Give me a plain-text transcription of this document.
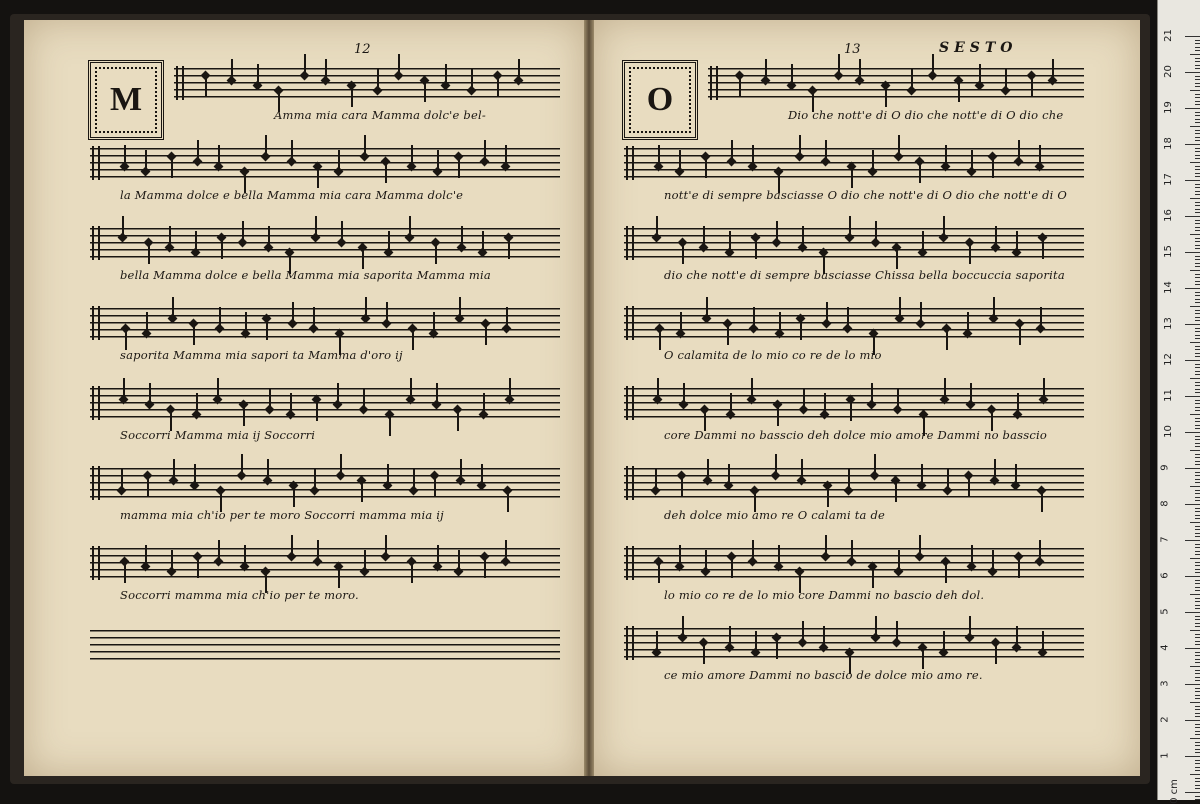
12
M	Amma mia cara Mamma dolc'e bel-
la Mamma dolce e bella Mamma mia cara Mamma dolc'e
bella Mamma dolce e bella Mamma mia saporita Mamma mia
saporita Mamma mia sapori ta Mamma d'oro ij
Soccorri Mamma mia ij Soccorri
mamma mia ch'io per te moro Soccorri mamma mia ij
Soccorri mamma mia ch'io per te moro.
13	SESTO
O	Dio che nott'e di O dio che nott'e di O dio che
nott'e di sempre basciasse O dio che nott'e di O dio che nott'e di O
dio che nott'e di sempre basciasse Chissa bella boccuccia saporita
O calamita de lo mio co re de lo mio
core Dammi no basscio deh dolce mio amore Dammi no basscio
deh dolce mio amo re O calami ta de
lo mio co re de lo mio core Dammi no bascio deh dol.
ce mio amore Dammi no bascio de dolce mio amo re.
21
20
19
18
17
16
15
14
13
12
11
10
9
8
7
6
5
4
3
2
1
0 cm
